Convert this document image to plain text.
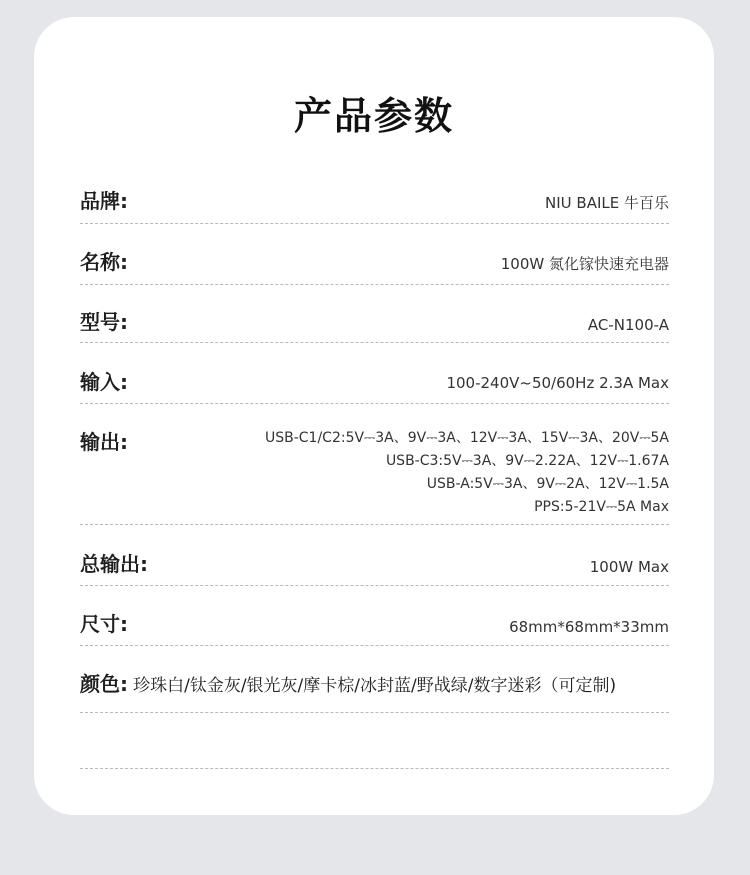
产品参数
品牌:	NIU BAILE 牛百乐
名称:	100W 氮化镓快速充电器
型号:	AC-N100-A
输入:	100-240V~50/60Hz 2.3A Max
输出:	USB-C1/C2:5V⎓3A、9V⎓3A、12V⎓3A、15V⎓3A、20V⎓5A
USB-C3:5V⎓3A、9V⎓2.22A、12V⎓1.67A
USB-A:5V⎓3A、9V⎓2A、12V⎓1.5A
PPS:5-21V⎓5A Max
总输出:	100W Max
尺寸:	68mm*68mm*33mm
颜色: 珍珠白/钛金灰/银光灰/摩卡棕/冰封蓝/野战绿/数字迷彩（可定制)
